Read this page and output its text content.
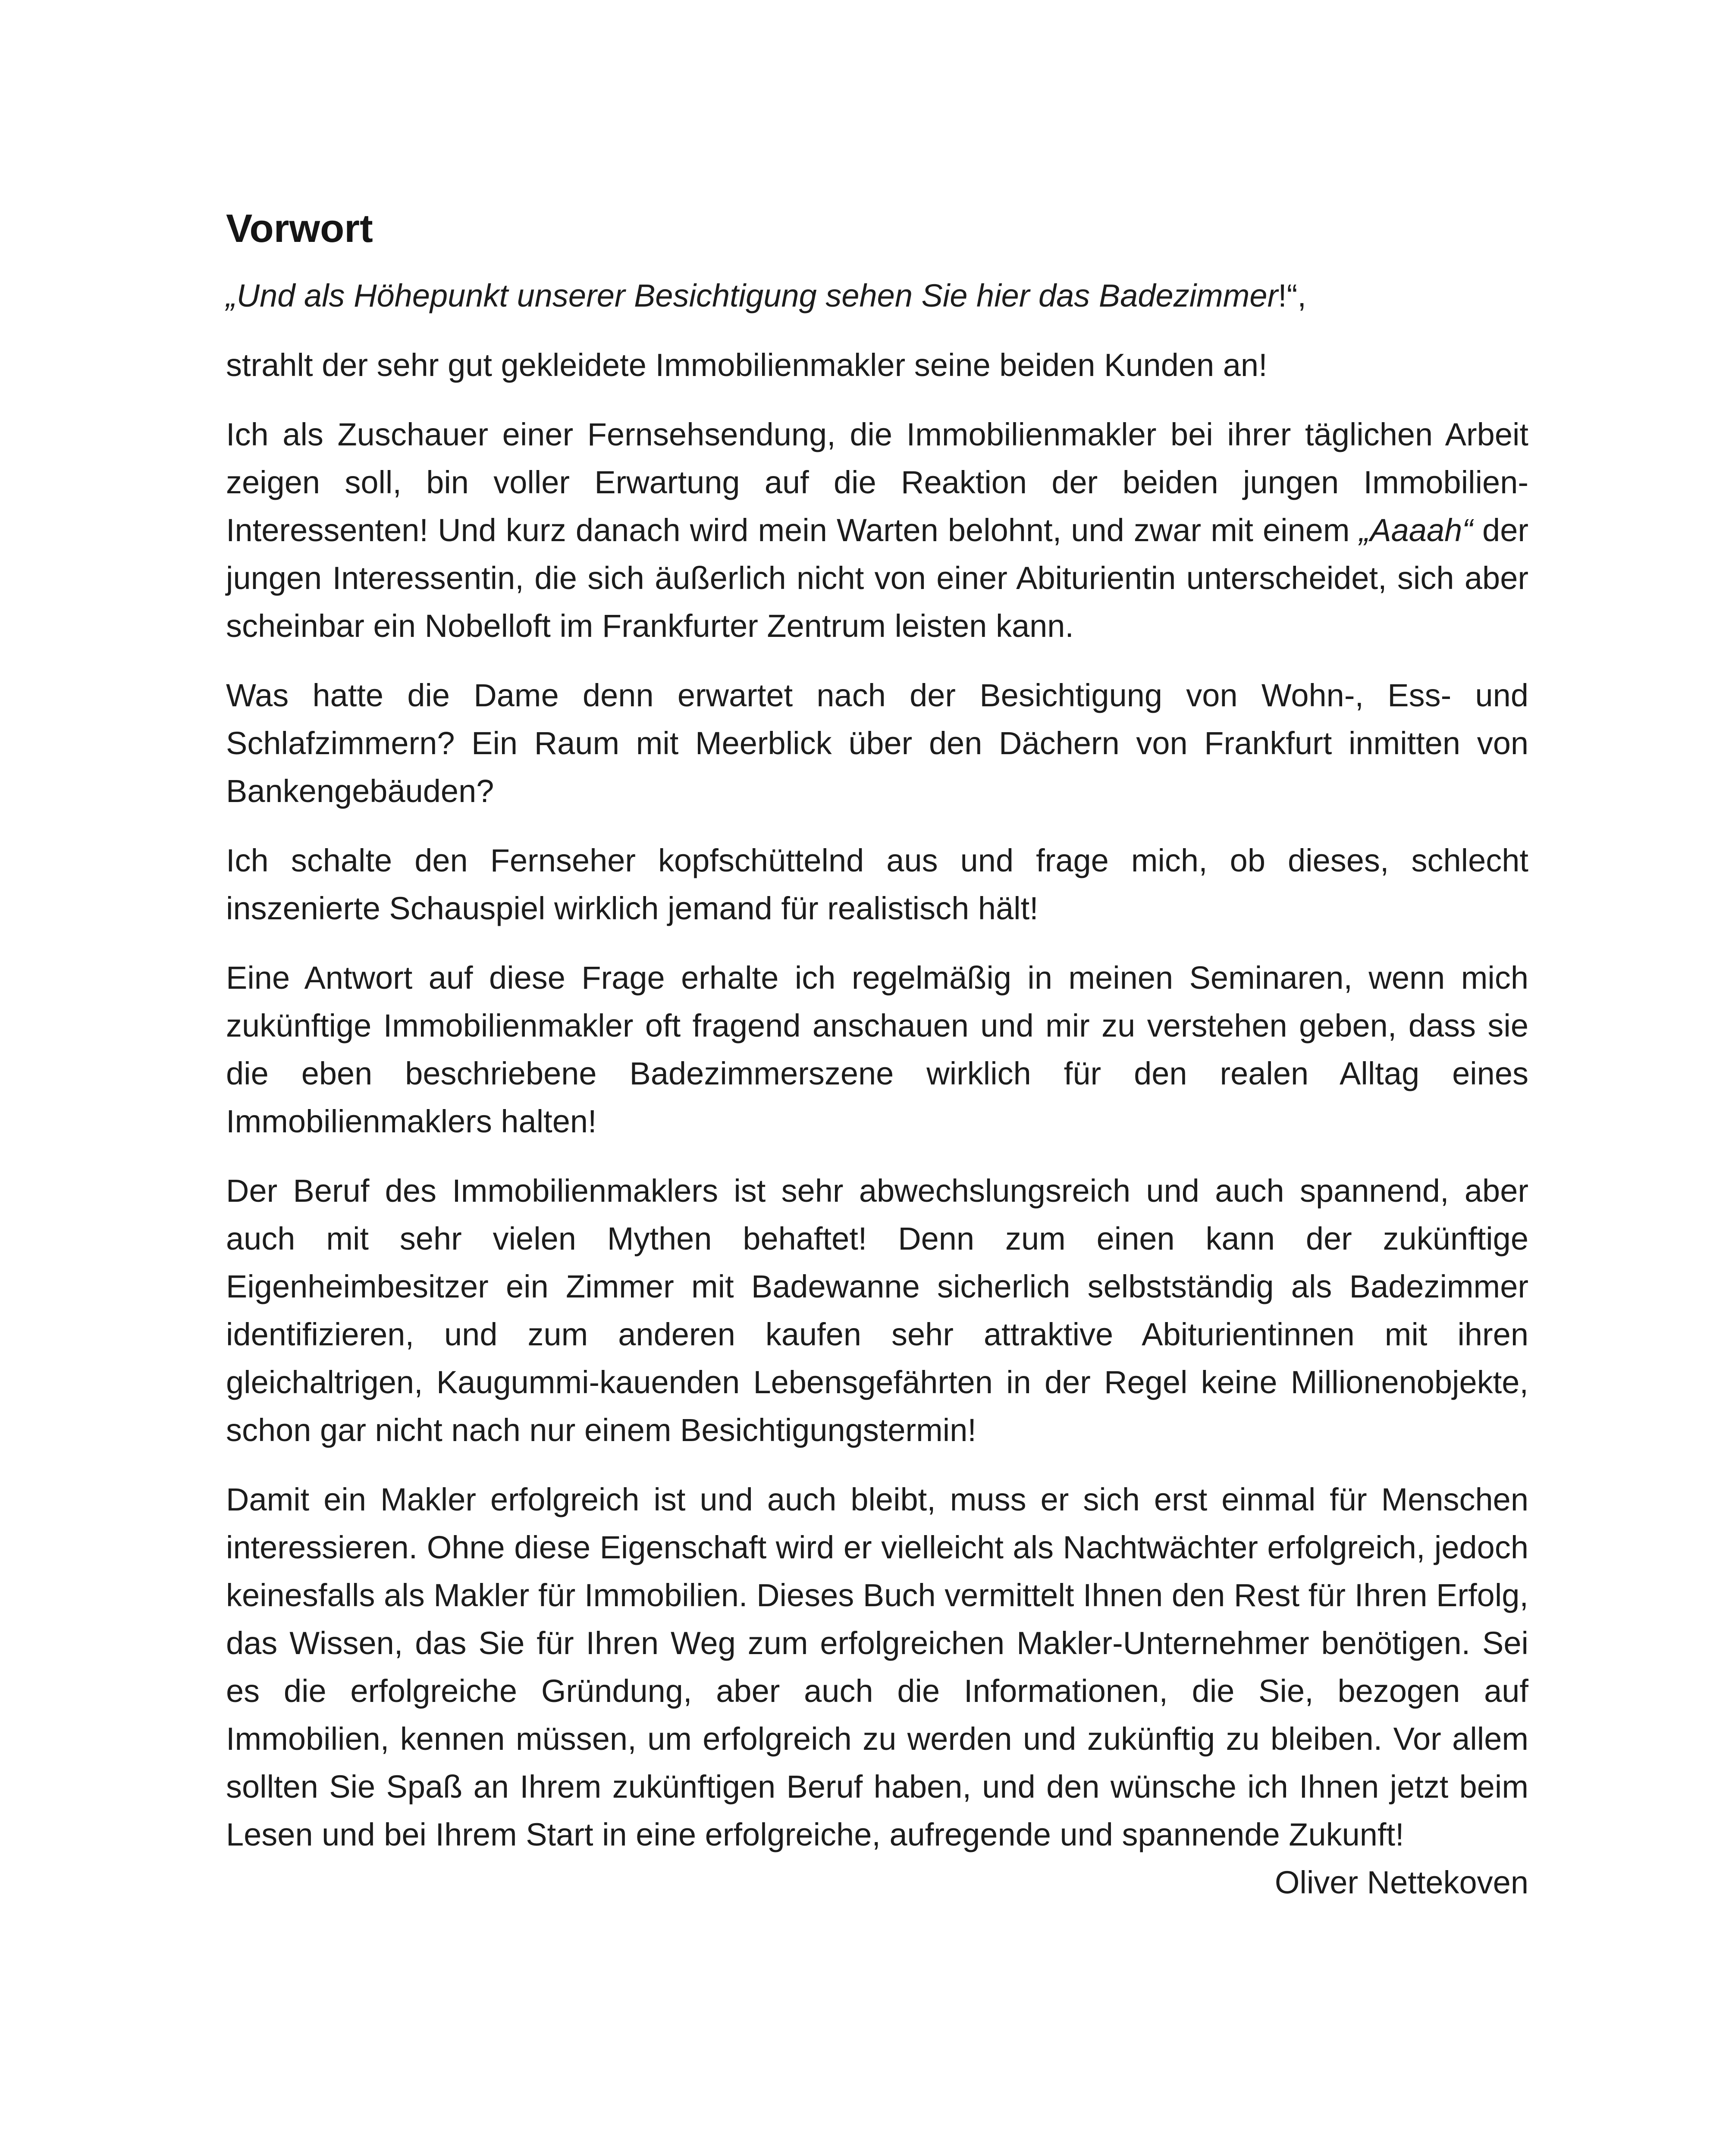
Vorwort

„Und als Höhepunkt unserer Besichtigung sehen Sie hier das Badezimmer!“,

strahlt der sehr gut gekleidete Immobilienmakler seine beiden Kunden an!

Ich als Zuschauer einer Fernsehsendung, die Immobilienmakler bei ihrer täglichen Arbeit zeigen soll, bin voller Erwartung auf die Reaktion der beiden jungen Immobilien-Interessenten! Und kurz danach wird mein Warten belohnt, und zwar mit einem „Aaaah“ der jungen Interessentin, die sich äußerlich nicht von einer Abiturientin unterscheidet, sich aber scheinbar ein Nobelloft im Frankfurter Zentrum leisten kann.

Was hatte die Dame denn erwartet nach der Besichtigung von Wohn-, Ess- und Schlafzimmern? Ein Raum mit Meerblick über den Dächern von Frankfurt inmitten von Bankengebäuden?

Ich schalte den Fernseher kopfschüttelnd aus und frage mich, ob dieses, schlecht inszenierte Schauspiel wirklich jemand für realistisch hält!

Eine Antwort auf diese Frage erhalte ich regelmäßig in meinen Seminaren, wenn mich zukünftige Immobilienmakler oft fragend anschauen und mir zu verstehen geben, dass sie die eben beschriebene Badezimmerszene wirklich für den realen Alltag eines Immobilienmaklers halten!

Der Beruf des Immobilienmaklers ist sehr abwechslungsreich und auch spannend, aber auch mit sehr vielen Mythen behaftet! Denn zum einen kann der zukünftige Eigenheimbesitzer ein Zimmer mit Badewanne sicherlich selbstständig als Badezimmer identifizieren, und zum anderen kaufen sehr attraktive Abiturientinnen mit ihren gleichaltrigen, Kaugummi-kauenden Lebensgefährten in der Regel keine Millionenobjekte, schon gar nicht nach nur einem Besichtigungstermin!

Damit ein Makler erfolgreich ist und auch bleibt, muss er sich erst einmal für Menschen interessieren. Ohne diese Eigenschaft wird er vielleicht als Nachtwächter erfolgreich, jedoch keinesfalls als Makler für Immobilien. Dieses Buch vermittelt Ihnen den Rest für Ihren Erfolg, das Wissen, das Sie für Ihren Weg zum erfolgreichen Makler-Unternehmer benötigen. Sei es die erfolgreiche Gründung, aber auch die Informationen, die Sie, bezogen auf Immobilien, kennen müssen, um erfolgreich zu werden und zukünftig zu bleiben. Vor allem sollten Sie Spaß an Ihrem zukünftigen Beruf haben, und den wünsche ich Ihnen jetzt beim Lesen und bei Ihrem Start in eine erfolgreiche, aufregende und spannende Zukunft!
Oliver Nettekoven
